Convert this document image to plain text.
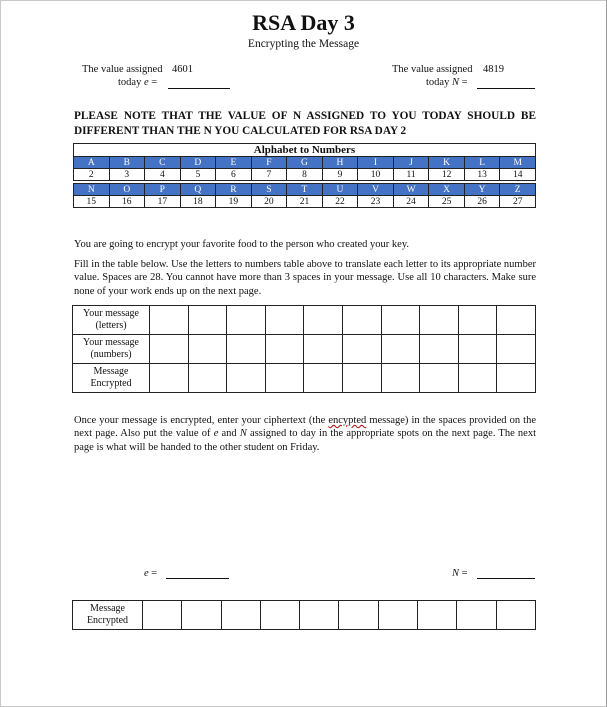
RSA Day 3
Encrypting the Message
The value assigned 4601
today e =
The value assigned 4819
today N =
PLEASE NOTE THAT THE VALUE OF N ASSIGNED TO YOU TODAY SHOULD BE DIFFERENT THAN THE N YOU CALCULATED FOR RSA DAY 2
Alphabet to Numbers
A	B	C	D	E	F	G	H	I	J	K	L	M
2	3	4	5	6	7	8	9	10	11	12	13	14

N	O	P	Q	R	S	T	U	V	W	X	Y	Z
15	16	17	18	19	20	21	22	23	24	25	26	27
You are going to encrypt your favorite food to the person who created your key.
Fill in the table below. Use the letters to numbers table above to translate each letter to its appropriate number value. Spaces are 28. You cannot have more than 3 spaces in your message. Use all 10 characters. Make sure none of your work ends up on the next page.
Your message
(letters)										
Your message
(numbers)										
Message
Encrypted										
Once your message is encrypted, enter your ciphertext (the encypted message) in the spaces provided on the next page. Also put the value of e and N assigned to day in the appropriate spots on the next page. The next page is what will be handed to the other student on Friday.
e =	N =
Message
Encrypted										
